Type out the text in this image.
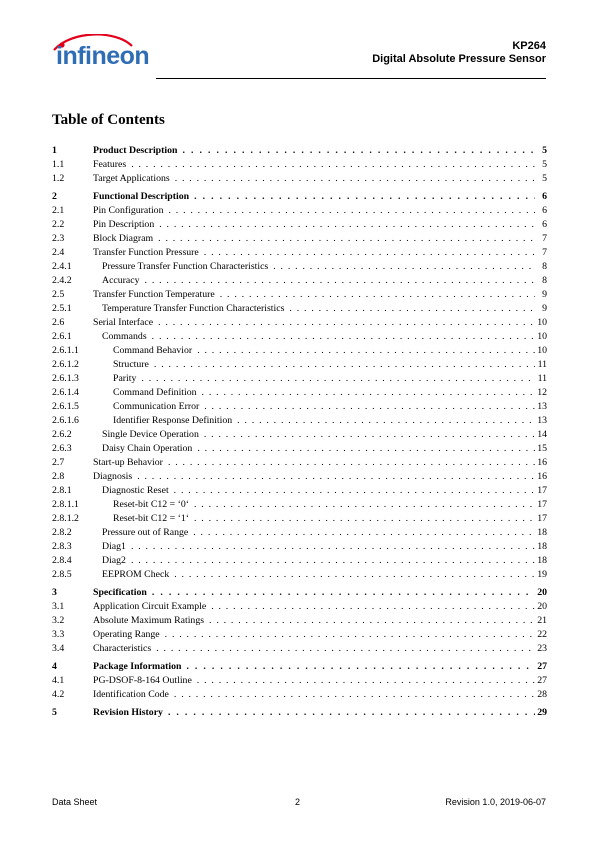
infineon	KP264
Digital Absolute Pressure Sensor
Table of Contents
1	Product Description . . .	5
1.1	Features . . .	5
1.2	Target Applications . . .	5
2	Functional Description . . .	6
2.1	Pin Configuration . . .	6
2.2	Pin Description . . .	6
2.3	Block Diagram . . .	7
2.4	Transfer Function Pressure . . .	7
2.4.1	Pressure Transfer Function Characteristics . . .	8
2.4.2	Accuracy . . .	8
2.5	Transfer Function Temperature . . .	9
2.5.1	Temperature Transfer Function Characteristics . . .	9
2.6	Serial Interface . . .	10
2.6.1	Commands . . .	10
2.6.1.1	Command Behavior . . .	10
2.6.1.2	Structure . . .	11
2.6.1.3	Parity . . .	11
2.6.1.4	Command Definition . . .	12
2.6.1.5	Communication Error . . .	13
2.6.1.6	Identifier Response Definition . . .	13
2.6.2	Single Device Operation . . .	14
2.6.3	Daisy Chain Operation . . .	15
2.7	Start-up Behavior . . .	16
2.8	Diagnosis . . .	16
2.8.1	Diagnostic Reset . . .	17
2.8.1.1	Reset-bit C12 = ‘0‘ . . .	17
2.8.1.2	Reset-bit C12 = ‘1‘ . . .	17
2.8.2	Pressure out of Range . . .	18
2.8.3	Diag1 . . .	18
2.8.4	Diag2 . . .	18
2.8.5	EEPROM Check . . .	19
3	Specification . . .	20
3.1	Application Circuit Example . . .	20
3.2	Absolute Maximum Ratings . . .	21
3.3	Operating Range . . .	22
3.4	Characteristics . . .	23
4	Package Information . . .	27
4.1	PG-DSOF-8-164 Outline . . .	27
4.2	Identification Code . . .	28
5	Revision History . . .	29
Data Sheet	2	Revision 1.0, 2019-06-07
